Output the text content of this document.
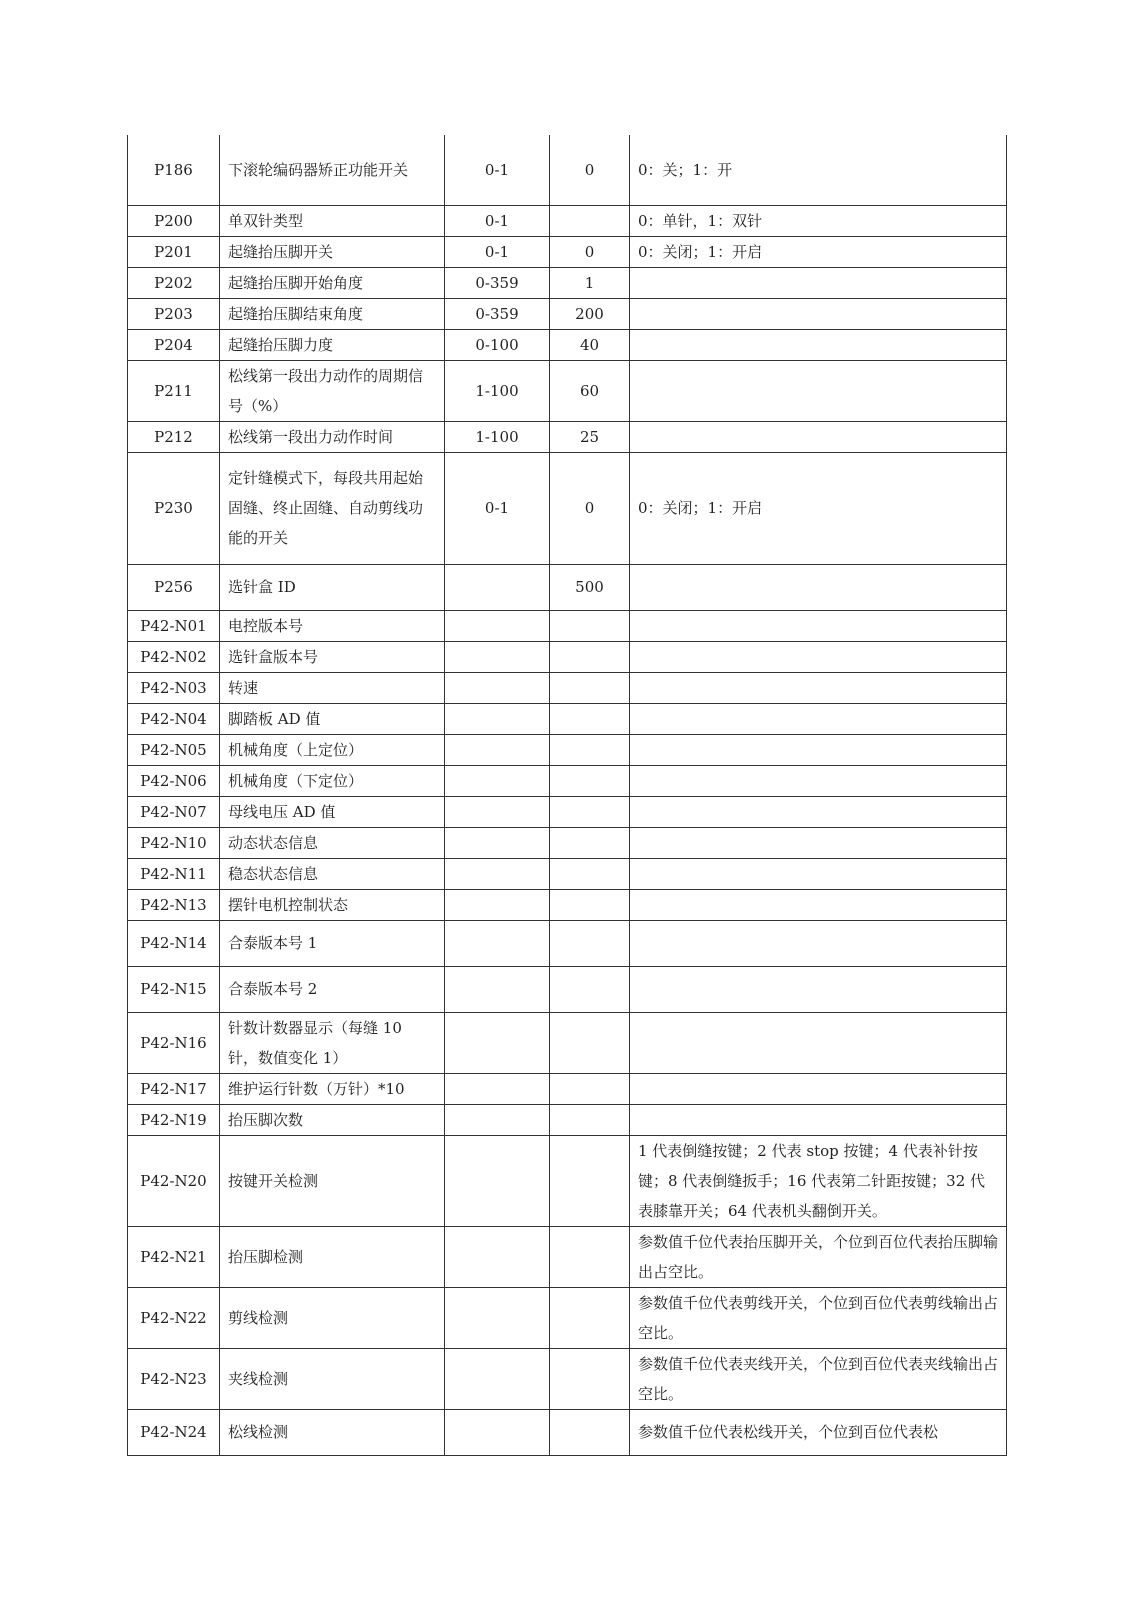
P186	下滚轮编码器矫正功能开关	0-1	0	0：关；1：开
P200	单双针类型	0-1		0：单针，1：双针
P201	起缝抬压脚开关	0-1	0	0：关闭；1：开启
P202	起缝抬压脚开始角度	0-359	1	
P203	起缝抬压脚结束角度	0-359	200	
P204	起缝抬压脚力度	0-100	40	
P211	松线第一段出力动作的周期信号（%）	1-100	60	
P212	松线第一段出力动作时间	1-100	25	
P230	定针缝模式下，每段共用起始固缝、终止固缝、自动剪线功能的开关	0-1	0	0：关闭；1：开启
P256	选针盒 ID		500	
P42-N01	电控版本号			
P42-N02	选针盒版本号			
P42-N03	转速			
P42-N04	脚踏板 AD 值			
P42-N05	机械角度（上定位）			
P42-N06	机械角度（下定位）			
P42-N07	母线电压 AD 值			
P42-N10	动态状态信息			
P42-N11	稳态状态信息			
P42-N13	摆针电机控制状态			
P42-N14	合泰版本号 1			
P42-N15	合泰版本号 2			
P42-N16	针数计数器显示（每缝 10 针，数值变化 1）			
P42-N17	维护运行针数（万针）*10			
P42-N19	抬压脚次数			
P42-N20	按键开关检测			1 代表倒缝按键；2 代表 stop 按键；4 代表补针按键；8 代表倒缝扳手；16 代表第二针距按键；32 代表膝靠开关；64 代表机头翻倒开关。
P42-N21	抬压脚检测			参数值千位代表抬压脚开关，个位到百位代表抬压脚输出占空比。
P42-N22	剪线检测			参数值千位代表剪线开关，个位到百位代表剪线输出占空比。
P42-N23	夹线检测			参数值千位代表夹线开关，个位到百位代表夹线输出占空比。
P42-N24	松线检测			参数值千位代表松线开关，个位到百位代表松
